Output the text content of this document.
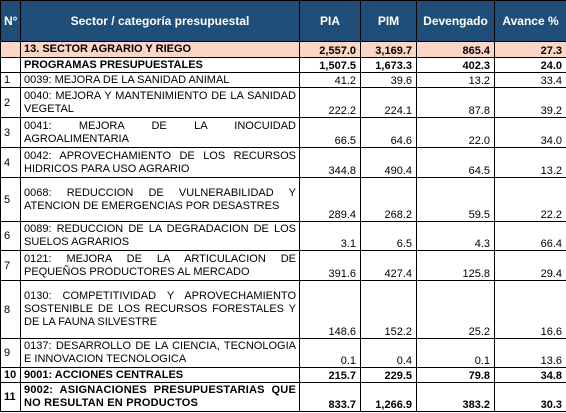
N°	Sector / categoría presupuestal	PIA	PIM	Devengado	Avance %
	13. SECTOR AGRARIO Y RIEGO	2,557.0	3,169.7	865.4	27.3
	PROGRAMAS PRESUPUESTALES	1,507.5	1,673.3	402.3	24.0
1	0039: MEJORA DE LA SANIDAD ANIMAL	41.2	39.6	13.2	33.4
2	0040: MEJORA Y MANTENIMIENTO DE LA SANIDAD VEGETAL	222.2	224.1	87.8	39.2
3	0041: MEJORA DE LA INOCUIDAD AGROALIMENTARIA	66.5	64.6	22.0	34.0
4	0042: APROVECHAMIENTO DE LOS RECURSOS HIDRICOS PARA USO AGRARIO	344.8	490.4	64.5	13.2
5	0068: REDUCCION DE VULNERABILIDAD Y ATENCION DE EMERGENCIAS POR DESASTRES	289.4	268.2	59.5	22.2
6	0089: REDUCCION DE LA DEGRADACION DE LOS SUELOS AGRARIOS	3.1	6.5	4.3	66.4
7	0121: MEJORA DE LA ARTICULACION DE PEQUEÑOS PRODUCTORES AL MERCADO	391.6	427.4	125.8	29.4
8	0130: COMPETITIVIDAD Y APROVECHAMIENTO SOSTENIBLE DE LOS RECURSOS FORESTALES Y DE LA FAUNA SILVESTRE	148.6	152.2	25.2	16.6
9	0137: DESARROLLO DE LA CIENCIA, TECNOLOGIA E INNOVACION TECNOLOGICA	0.1	0.4	0.1	13.6
10	9001: ACCIONES CENTRALES	215.7	229.5	79.8	34.8
11	9002: ASIGNACIONES PRESUPUESTARIAS QUE NO RESULTAN EN PRODUCTOS	833.7	1,266.9	383.2	30.3
